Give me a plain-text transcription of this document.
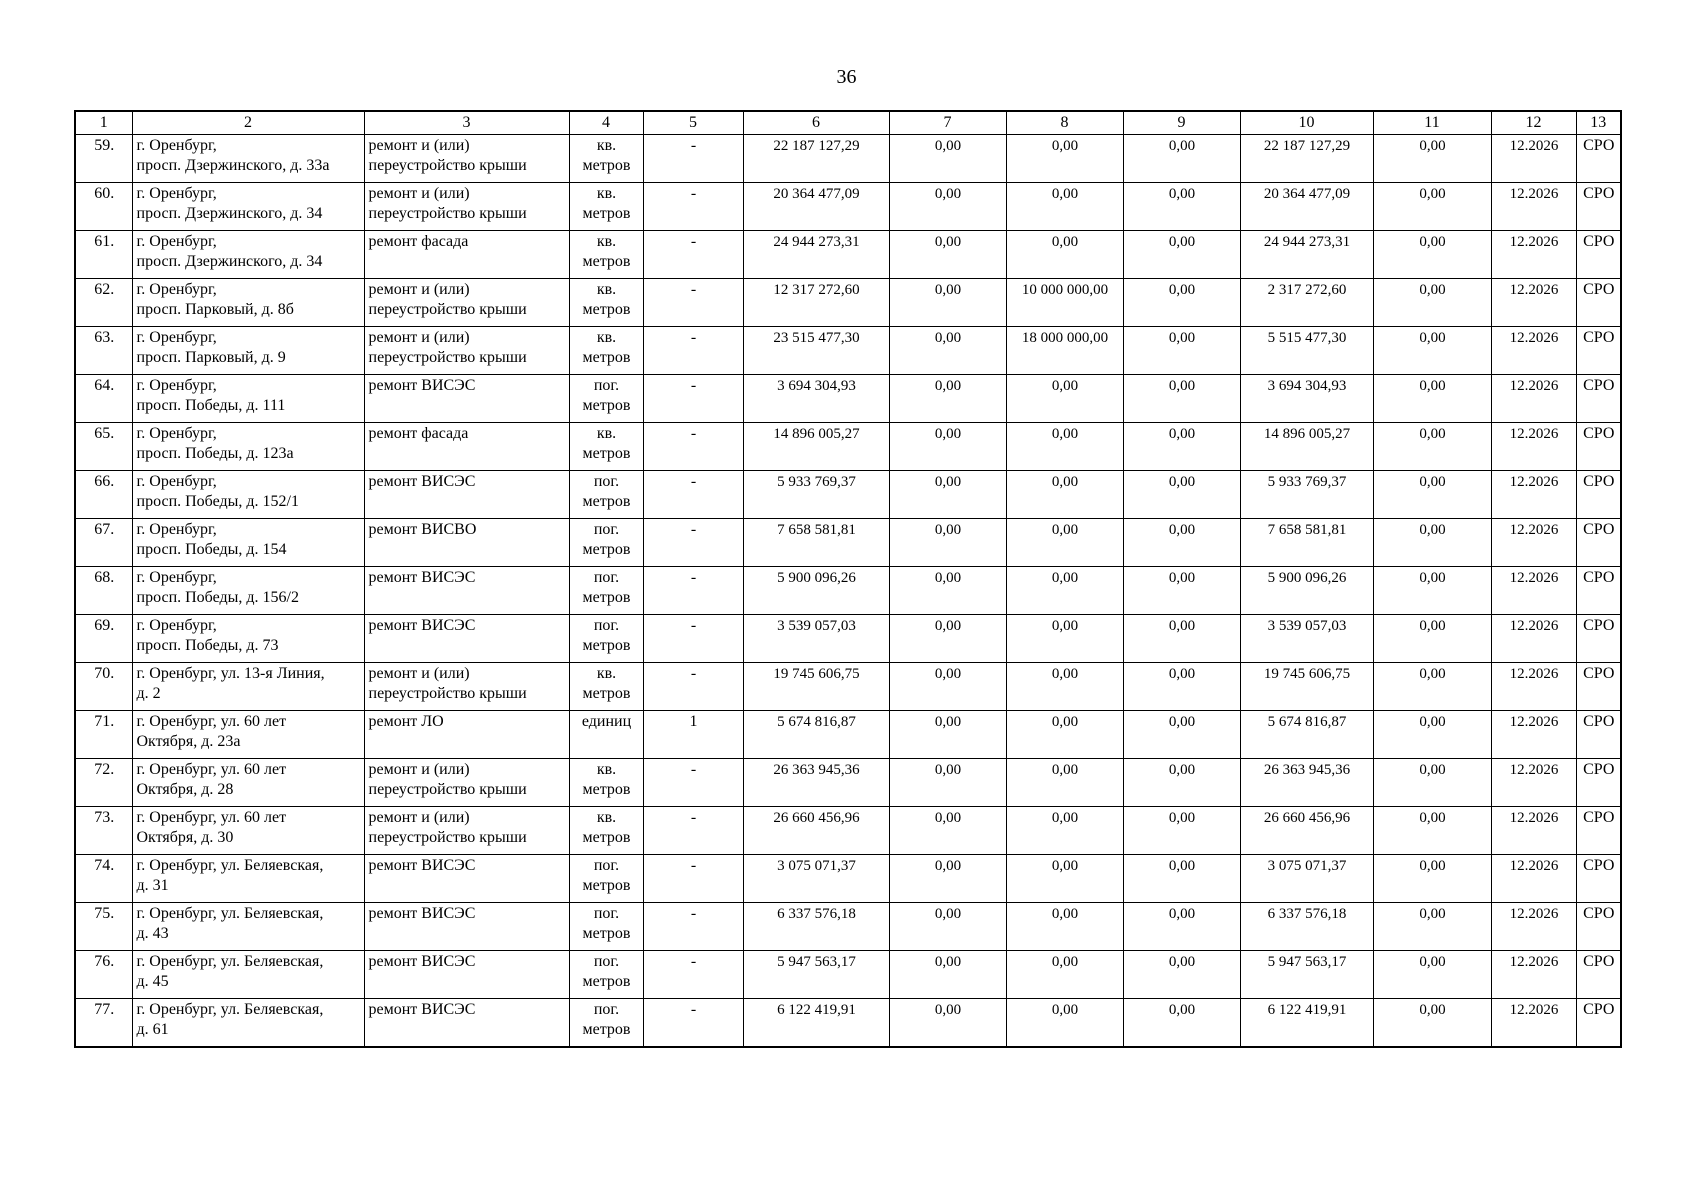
36
1	2	3	4	5	6	7	8	9	10	11	12	13
59.	г. Оренбург,
просп. Дзержинского, д. 33а	ремонт и (или)
переустройство крыши	кв.
метров	-	22 187 127,29	0,00	0,00	0,00	22 187 127,29	0,00	12.2026	СРО
60.	г. Оренбург,
просп. Дзержинского, д. 34	ремонт и (или)
переустройство крыши	кв.
метров	-	20 364 477,09	0,00	0,00	0,00	20 364 477,09	0,00	12.2026	СРО
61.	г. Оренбург,
просп. Дзержинского, д. 34	ремонт фасада	кв.
метров	-	24 944 273,31	0,00	0,00	0,00	24 944 273,31	0,00	12.2026	СРО
62.	г. Оренбург,
просп. Парковый, д. 8б	ремонт и (или)
переустройство крыши	кв.
метров	-	12 317 272,60	0,00	10 000 000,00	0,00	2 317 272,60	0,00	12.2026	СРО
63.	г. Оренбург,
просп. Парковый, д. 9	ремонт и (или)
переустройство крыши	кв.
метров	-	23 515 477,30	0,00	18 000 000,00	0,00	5 515 477,30	0,00	12.2026	СРО
64.	г. Оренбург,
просп. Победы, д. 111	ремонт ВИСЭС	пог.
метров	-	3 694 304,93	0,00	0,00	0,00	3 694 304,93	0,00	12.2026	СРО
65.	г. Оренбург,
просп. Победы, д. 123а	ремонт фасада	кв.
метров	-	14 896 005,27	0,00	0,00	0,00	14 896 005,27	0,00	12.2026	СРО
66.	г. Оренбург,
просп. Победы, д. 152/1	ремонт ВИСЭС	пог.
метров	-	5 933 769,37	0,00	0,00	0,00	5 933 769,37	0,00	12.2026	СРО
67.	г. Оренбург,
просп. Победы, д. 154	ремонт ВИСВО	пог.
метров	-	7 658 581,81	0,00	0,00	0,00	7 658 581,81	0,00	12.2026	СРО
68.	г. Оренбург,
просп. Победы, д. 156/2	ремонт ВИСЭС	пог.
метров	-	5 900 096,26	0,00	0,00	0,00	5 900 096,26	0,00	12.2026	СРО
69.	г. Оренбург,
просп. Победы, д. 73	ремонт ВИСЭС	пог.
метров	-	3 539 057,03	0,00	0,00	0,00	3 539 057,03	0,00	12.2026	СРО
70.	г. Оренбург, ул. 13-я Линия,
д. 2	ремонт и (или)
переустройство крыши	кв.
метров	-	19 745 606,75	0,00	0,00	0,00	19 745 606,75	0,00	12.2026	СРО
71.	г. Оренбург, ул. 60 лет
Октября, д. 23а	ремонт ЛО	единиц	1	5 674 816,87	0,00	0,00	0,00	5 674 816,87	0,00	12.2026	СРО
72.	г. Оренбург, ул. 60 лет
Октября, д. 28	ремонт и (или)
переустройство крыши	кв.
метров	-	26 363 945,36	0,00	0,00	0,00	26 363 945,36	0,00	12.2026	СРО
73.	г. Оренбург, ул. 60 лет
Октября, д. 30	ремонт и (или)
переустройство крыши	кв.
метров	-	26 660 456,96	0,00	0,00	0,00	26 660 456,96	0,00	12.2026	СРО
74.	г. Оренбург, ул. Беляевская,
д. 31	ремонт ВИСЭС	пог.
метров	-	3 075 071,37	0,00	0,00	0,00	3 075 071,37	0,00	12.2026	СРО
75.	г. Оренбург, ул. Беляевская,
д. 43	ремонт ВИСЭС	пог.
метров	-	6 337 576,18	0,00	0,00	0,00	6 337 576,18	0,00	12.2026	СРО
76.	г. Оренбург, ул. Беляевская,
д. 45	ремонт ВИСЭС	пог.
метров	-	5 947 563,17	0,00	0,00	0,00	5 947 563,17	0,00	12.2026	СРО
77.	г. Оренбург, ул. Беляевская,
д. 61	ремонт ВИСЭС	пог.
метров	-	6 122 419,91	0,00	0,00	0,00	6 122 419,91	0,00	12.2026	СРО
